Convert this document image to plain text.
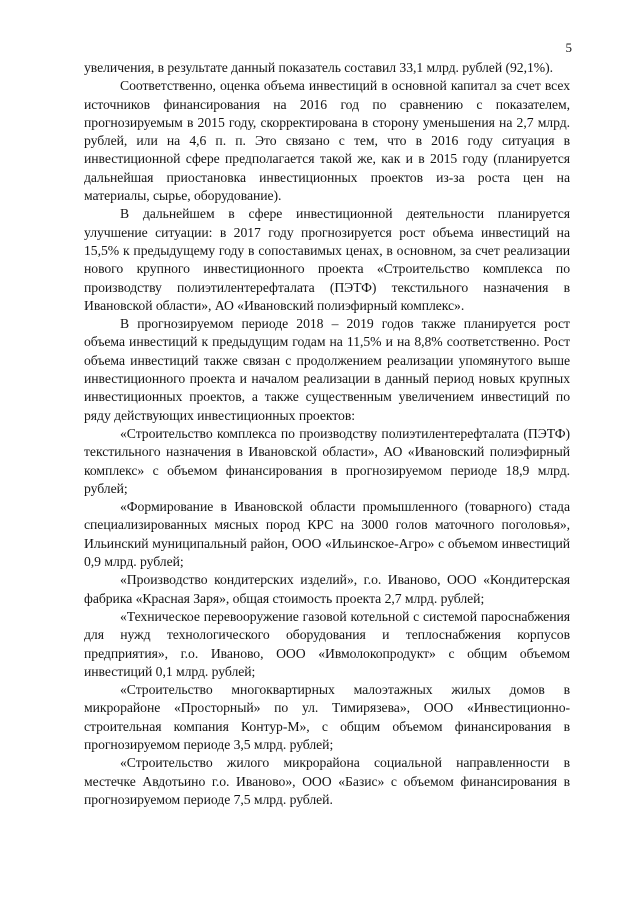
5

увеличения, в результате данный показатель составил 33,1 млрд. рублей (92,1%).

Соответственно, оценка объема инвестиций в основной капитал за счет всех источников финансирования на 2016 год по сравнению с показателем, прогнозируемым в 2015 году, скорректирована в сторону уменьшения на 2,7 млрд. рублей, или на 4,6 п. п. Это связано с тем, что в 2016 году ситуация в инвестиционной сфере предполагается такой же, как и в 2015 году (планируется дальнейшая приостановка инвестиционных проектов из-за роста цен на материалы, сырье, оборудование).

В дальнейшем в сфере инвестиционной деятельности планируется улучшение ситуации: в 2017 году прогнозируется рост объема инвестиций на 15,5% к предыдущему году в сопоставимых ценах, в основном, за счет реализации нового крупного инвестиционного проекта «Строительство комплекса по производству полиэтилентерефталата (ПЭТФ) текстильного назначения в Ивановской области», АО «Ивановский полиэфирный комплекс».

В прогнозируемом периоде 2018 – 2019 годов также планируется рост объема инвестиций к предыдущим годам на 11,5% и на 8,8% соответственно. Рост объема инвестиций также связан с продолжением реализации упомянутого выше инвестиционного проекта и началом реализации в данный период новых крупных инвестиционных проектов, а также существенным увеличением инвестиций по ряду действующих инвестиционных проектов:

«Строительство комплекса по производству полиэтилентерефталата (ПЭТФ) текстильного назначения в Ивановской области», АО «Ивановский полиэфирный комплекс» с объемом финансирования в прогнозируемом периоде 18,9 млрд. рублей;

«Формирование в Ивановской области промышленного (товарного) стада специализированных мясных пород КРС на 3000 голов маточного поголовья», Ильинский муниципальный район, ООО «Ильинское-Агро» с объемом инвестиций 0,9 млрд. рублей;

«Производство кондитерских изделий», г.о. Иваново, ООО «Кондитерская фабрика «Красная Заря», общая стоимость проекта 2,7 млрд. рублей;

«Техническое перевооружение газовой котельной с системой пароснабжения для нужд технологического оборудования и теплоснабжения корпусов предприятия», г.о. Иваново, ООО «Ивмолокопродукт» с общим объемом инвестиций 0,1 млрд. рублей;

«Строительство многоквартирных малоэтажных жилых домов в микрорайоне «Просторный» по ул. Тимирязева», ООО «Инвестиционно-строительная компания Контур-М», с общим объемом финансирования в прогнозируемом периоде 3,5 млрд. рублей;

«Строительство жилого микрорайона социальной направленности в местечке Авдотьино г.о. Иваново», ООО «Базис» с объемом финансирования в прогнозируемом периоде 7,5 млрд. рублей.
